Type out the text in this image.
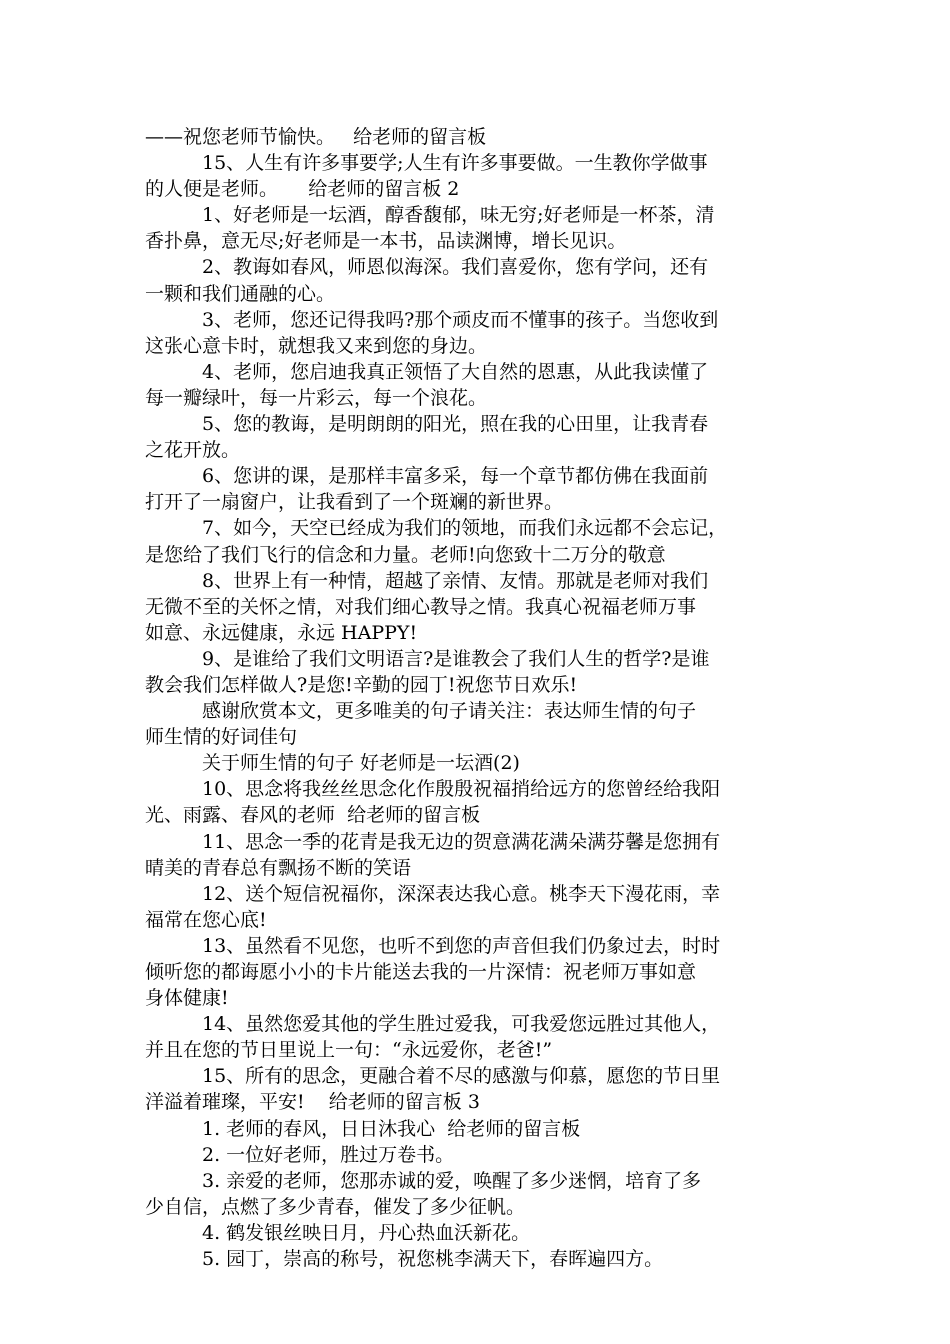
——祝您老师节愉快。   给老师的留言板
15、人生有许多事要学;人生有许多事要做。一生教你学做事
的人便是老师。     给老师的留言板 2
1、好老师是一坛酒，醇香馥郁，味无穷;好老师是一杯茶，清
香扑鼻，意无尽;好老师是一本书，品读渊博，增长见识。
2、教诲如春风，师恩似海深。我们喜爱你，您有学问，还有
一颗和我们通融的心。
3、老师，您还记得我吗?那个顽皮而不懂事的孩子。当您收到
这张心意卡时，就想我又来到您的身边。
4、老师，您启迪我真正领悟了大自然的恩惠，从此我读懂了
每一瓣绿叶，每一片彩云，每一个浪花。
5、您的教诲，是明朗朗的阳光，照在我的心田里，让我青春
之花开放。
6、您讲的课，是那样丰富多采，每一个章节都仿佛在我面前
打开了一扇窗户，让我看到了一个斑斓的新世界。
7、如今，天空已经成为我们的领地，而我们永远都不会忘记，
是您给了我们飞行的信念和力量。老师!向您致十二万分的敬意
8、世界上有一种情，超越了亲情、友情。那就是老师对我们
无微不至的关怀之情，对我们细心教导之情。我真心祝福老师万事
如意、永远健康，永远 HAPPY!
9、是谁给了我们文明语言?是谁教会了我们人生的哲学?是谁
教会我们怎样做人?是您!辛勤的园丁!祝您节日欢乐!
感谢欣赏本文，更多唯美的句子请关注：表达师生情的句子
师生情的好词佳句
关于师生情的句子 好老师是一坛酒(2)
10、思念将我丝丝思念化作殷殷祝福捎给远方的您曾经给我阳
光、雨露、春风的老师  给老师的留言板
11、思念一季的花青是我无边的贺意满花满朵满芬馨是您拥有
晴美的青春总有飘扬不断的笑语
12、送个短信祝福你，深深表达我心意。桃李天下漫花雨，幸
福常在您心底!
13、虽然看不见您，也听不到您的声音但我们仍象过去，时时
倾听您的都诲愿小小的卡片能送去我的一片深情：祝老师万事如意
身体健康!
14、虽然您爱其他的学生胜过爱我，可我爱您远胜过其他人，
并且在您的节日里说上一句：“永远爱你，老爸!”
15、所有的思念，更融合着不尽的感激与仰慕，愿您的节日里
洋溢着璀璨，平安!    给老师的留言板 3
1. 老师的春风，日日沐我心  给老师的留言板
2. 一位好老师，胜过万卷书。
3. 亲爱的老师，您那赤诚的爱，唤醒了多少迷惘，培育了多
少自信，点燃了多少青春，催发了多少征帆。
4. 鹤发银丝映日月，丹心热血沃新花。
5. 园丁，崇高的称号，祝您桃李满天下，春晖遍四方。
